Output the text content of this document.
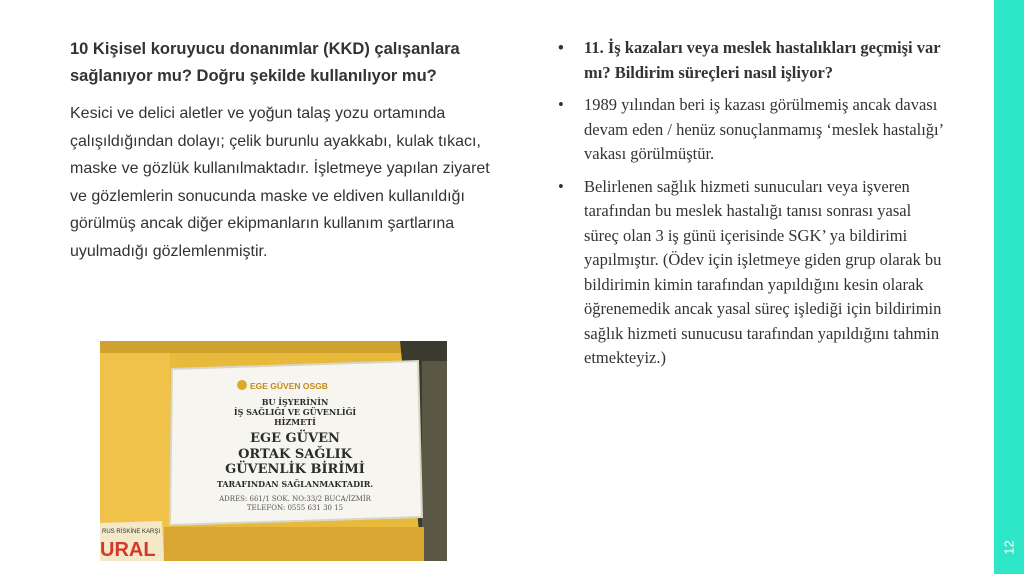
10 Kişisel koruyucu donanımlar (KKD) çalışanlara sağlanıyor mu? Doğru şekilde kullanılıyor mu?

Kesici ve delici aletler ve yoğun talaş yozu ortamında çalışıldığından dolayı; çelik burunlu ayakkabı, kulak tıkacı, maske ve gözlük kullanılmaktadır. İşletmeye yapılan ziyaret ve gözlemlerin sonucunda maske ve eldiven kullanıldığı görülmüş ancak diğer ekipmanların kullanım şartlarına uyulmadığı gözlemlenmiştir.

EGE GÜVEN OSGB
BU İŞYERİNİN
İŞ SAĞLIĞI VE GÜVENLİĞİ
HİZMETİ
EGE GÜVEN
ORTAK SAĞLIK
GÜVENLİK BİRİMİ
TARAFINDAN SAĞLANMAKTADIR.
ADRES: 661/1 SOK. NO:33/2 BUCA/İZMİR
TELEFON: 0555 631 30 15
RUS RİSKİNE KARŞI
URAL
• 11. İş kazaları veya meslek hastalıkları geçmişi var mı? Bildirim süreçleri nasıl işliyor?
• 1989 yılından beri iş kazası görülmemiş ancak davası devam eden / henüz sonuçlanmamış ‘meslek hastalığı’ vakası görülmüştür.
• Belirlenen sağlık hizmeti sunucuları veya işveren tarafından bu meslek hastalığı tanısı sonrası yasal süreç olan 3 iş günü içerisinde SGK’ ya bildirimi yapılmıştır. (Ödev için işletmeye giden grup olarak bu bildirimin kimin tarafından yapıldığını kesin olarak öğrenemedik ancak yasal süreç işlediği için bildirimin sağlık hizmeti sunucusu tarafından yapıldığını tahmin etmekteyiz.)
12
